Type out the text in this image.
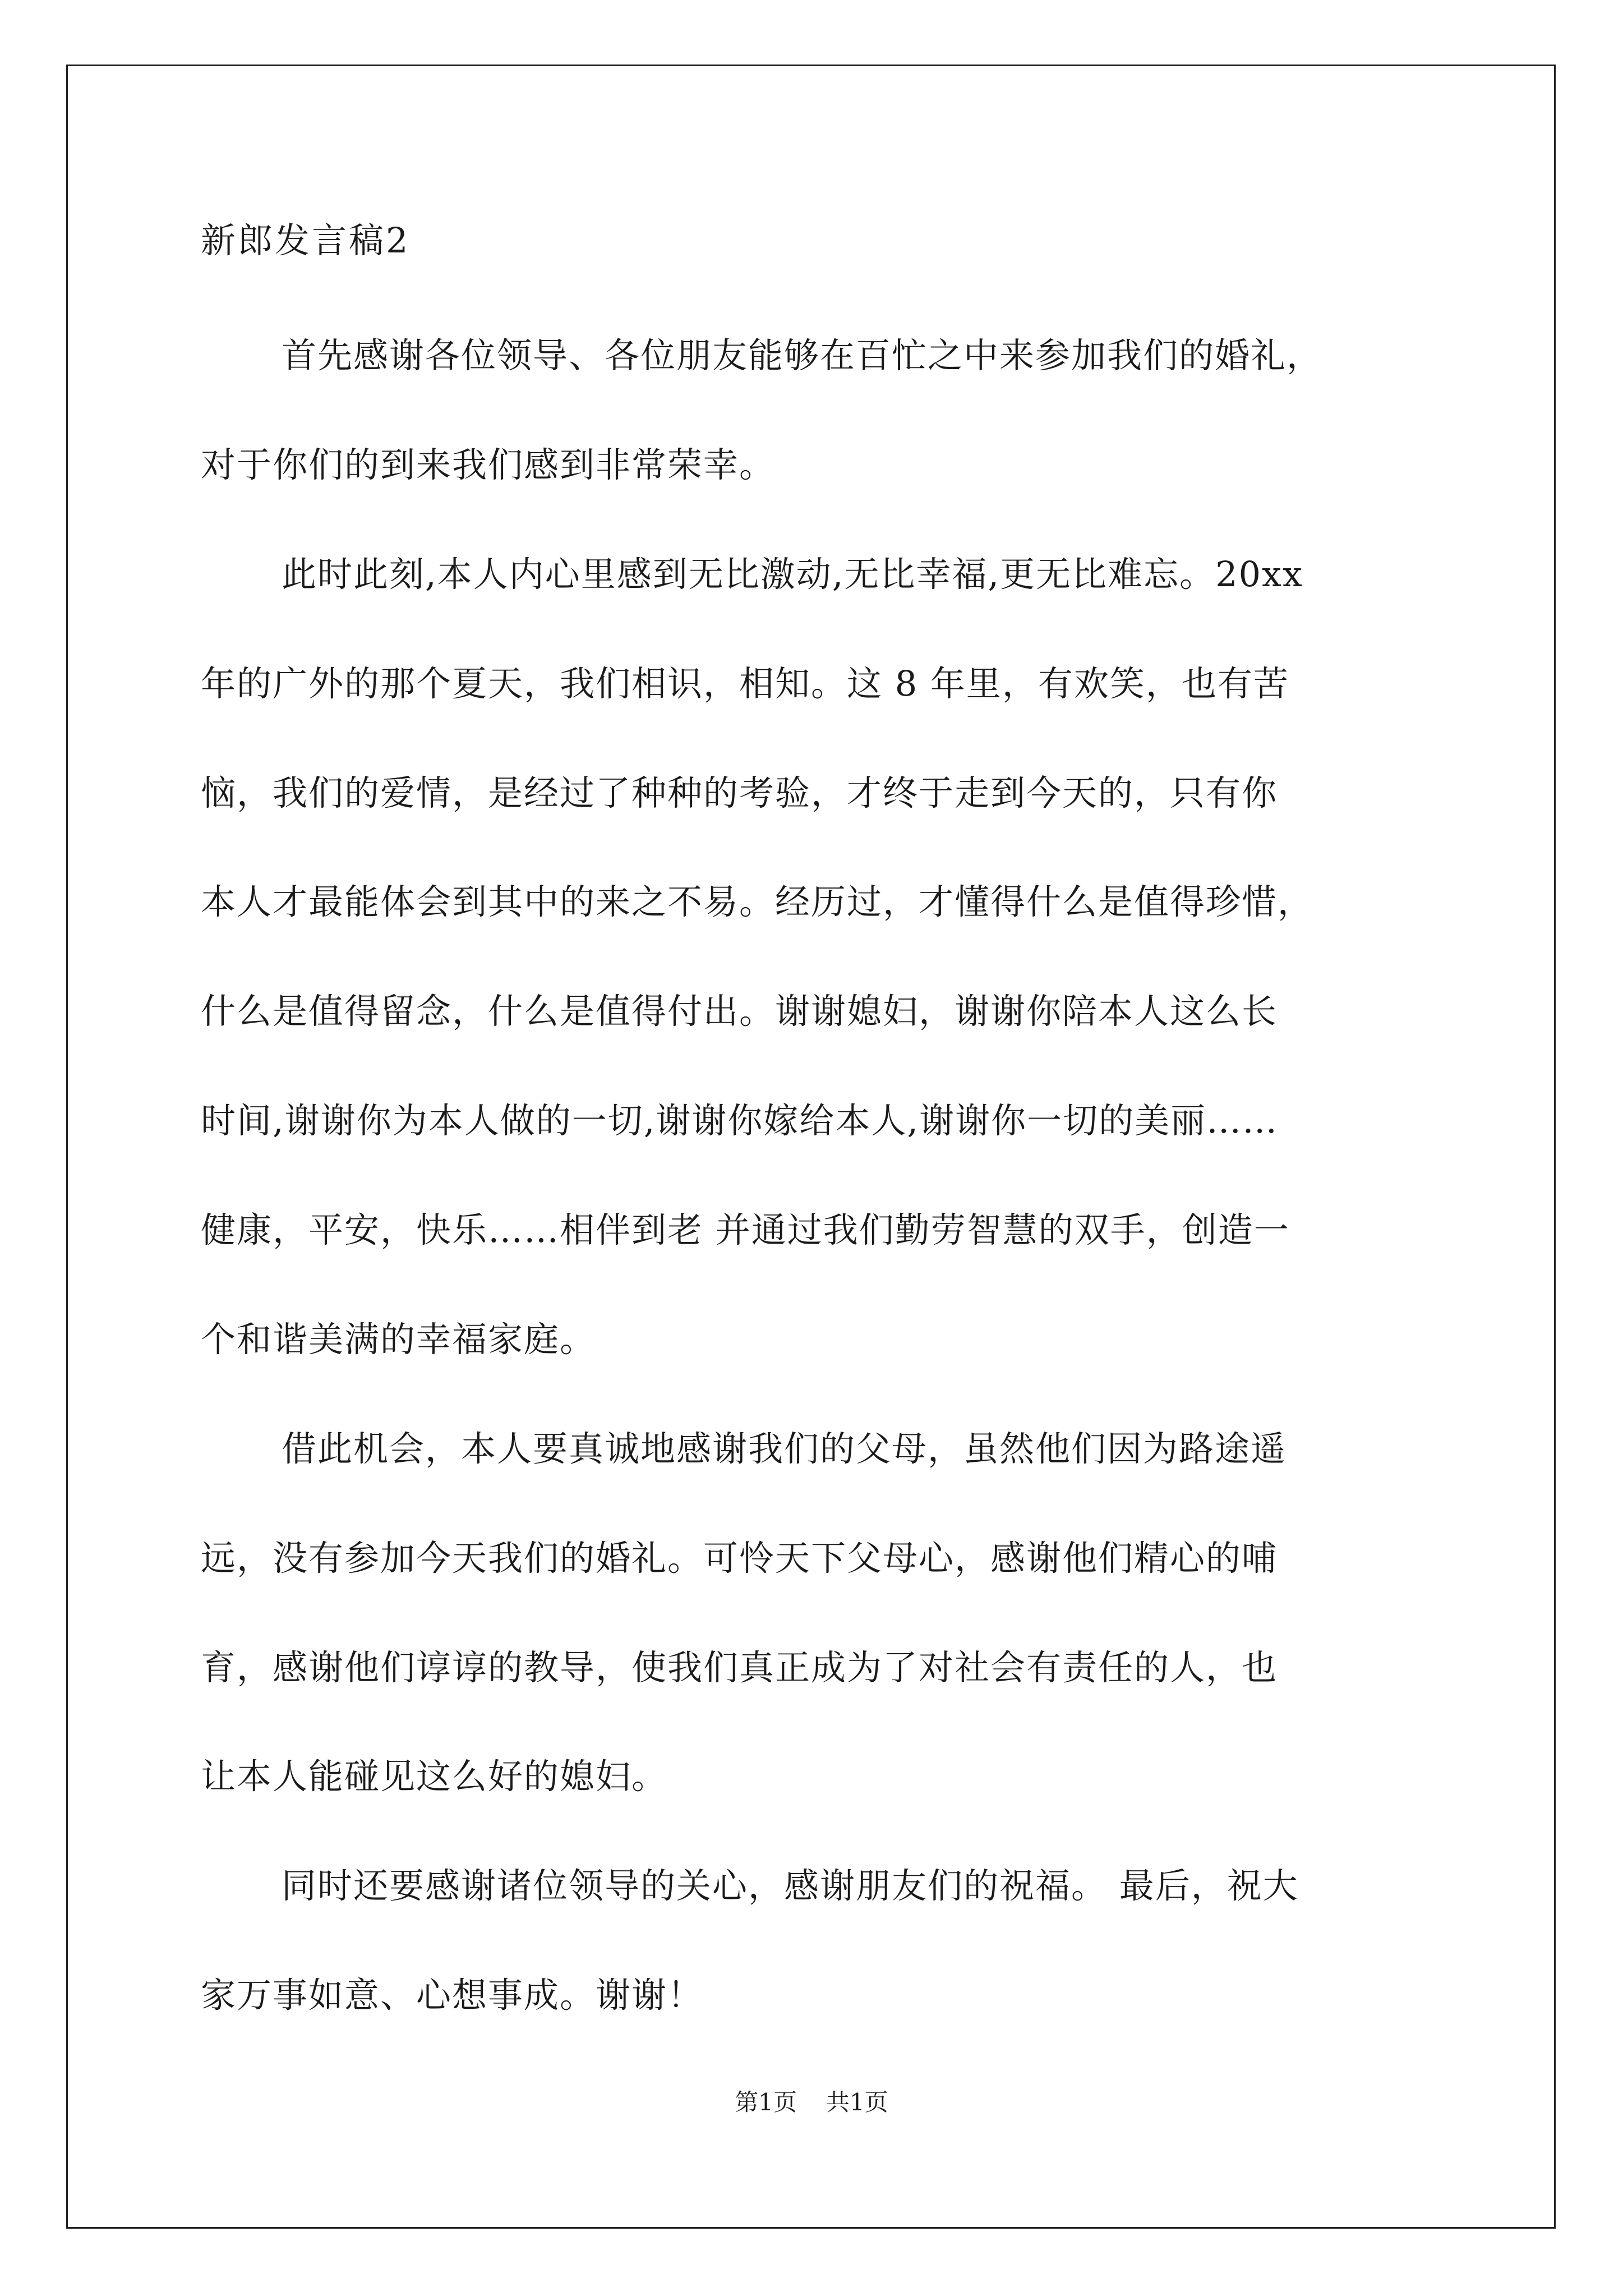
新郎发言稿2
首先感谢各位领导、各位朋友能够在百忙之中来参加我们的婚礼，
对于你们的到来我们感到非常荣幸。
此时此刻,本人内心里感到无比激动,无比幸福,更无比难忘。20xx
年的广外的那个夏天，我们相识，相知。这 8 年里，有欢笑，也有苦
恼，我们的爱情，是经过了种种的考验，才终于走到今天的，只有你
本人才最能体会到其中的来之不易。经历过，才懂得什么是值得珍惜，
什么是值得留念，什么是值得付出。谢谢媳妇，谢谢你陪本人这么长
时间,谢谢你为本人做的一切,谢谢你嫁给本人,谢谢你一切的美丽……
健康，平安，快乐……相伴到老 并通过我们勤劳智慧的双手，创造一
个和谐美满的幸福家庭。
借此机会，本人要真诚地感谢我们的父母，虽然他们因为路途遥
远，没有参加今天我们的婚礼。可怜天下父母心，感谢他们精心的哺
育，感谢他们谆谆的教导，使我们真正成为了对社会有责任的人，也
让本人能碰见这么好的媳妇。
同时还要感谢诸位领导的关心，感谢朋友们的祝福。 最后，祝大
家万事如意、心想事成。谢谢！
第1页 共1页
